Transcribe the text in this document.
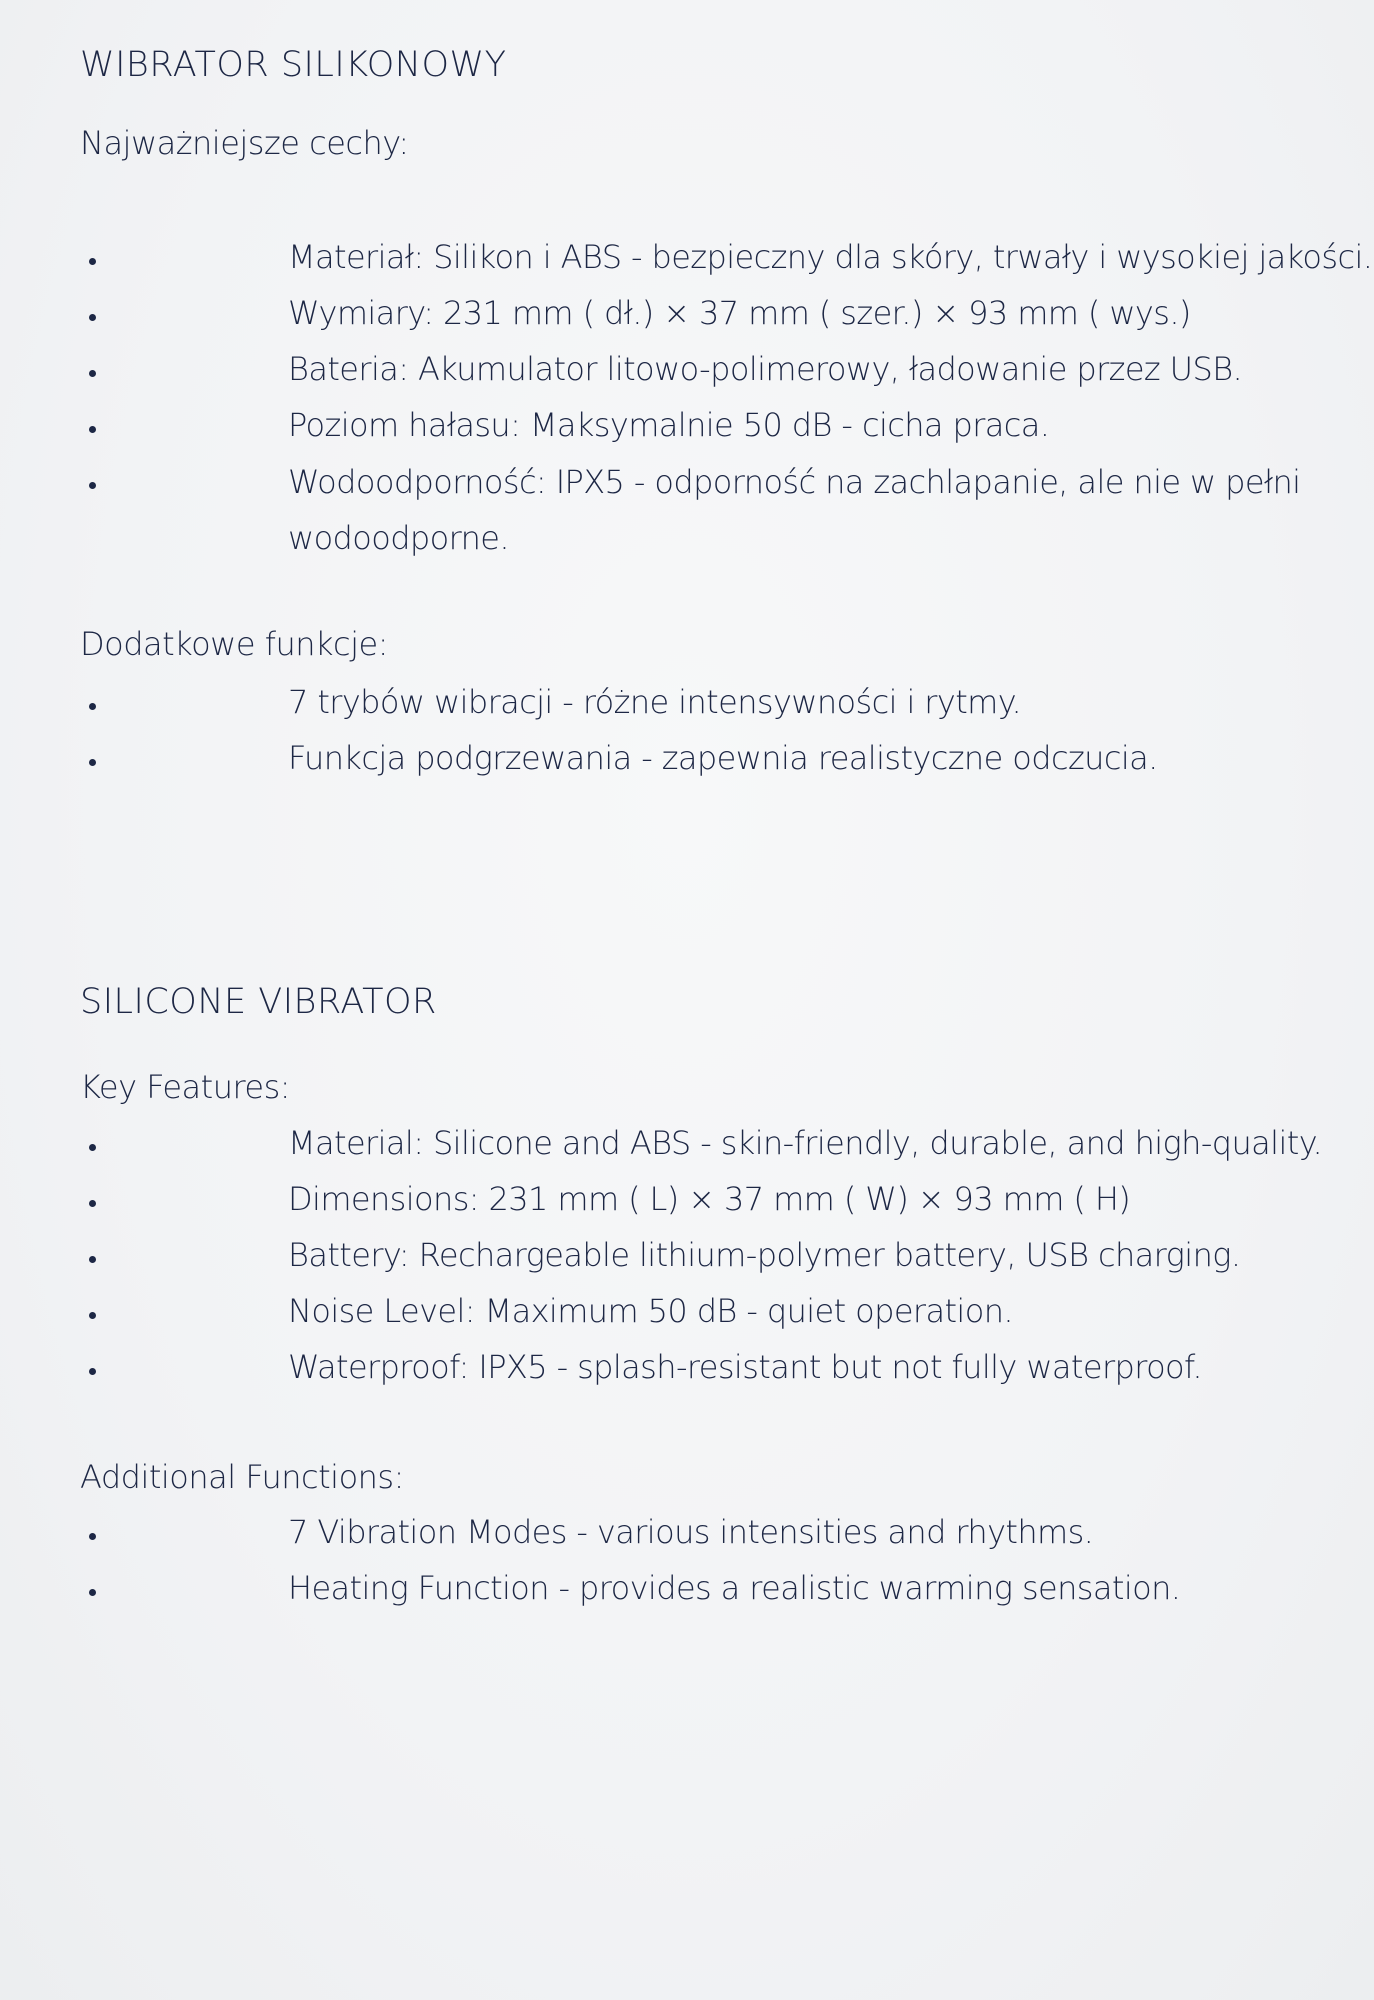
WIBRATOR SILIKONOWY
Najważniejsze cechy:
Materiał: Silikon i ABS - bezpieczny dla skóry, trwały i wysokiej jakości.
Wymiary: 231 mm ( dł.) × 37 mm ( szer.) × 93 mm ( wys.)
Bateria: Akumulator litowo-polimerowy, ładowanie przez USB.
Poziom hałasu: Maksymalnie 50 dB - cicha praca.
Wodoodporność: IPX5 - odporność na zachlapanie, ale nie w pełni wodoodporne.
Dodatkowe funkcje:
7 trybów wibracji - różne intensywności i rytmy.
Funkcja podgrzewania - zapewnia realistyczne odczucia.
SILICONE VIBRATOR
Key Features:
Material: Silicone and ABS - skin-friendly, durable, and high-quality.
Dimensions: 231 mm ( L) × 37 mm ( W) × 93 mm ( H)
Battery: Rechargeable lithium-polymer battery, USB charging.
Noise Level: Maximum 50 dB - quiet operation.
Waterproof: IPX5 - splash-resistant but not fully waterproof.
Additional Functions:
7 Vibration Modes - various intensities and rhythms.
Heating Function - provides a realistic warming sensation.
